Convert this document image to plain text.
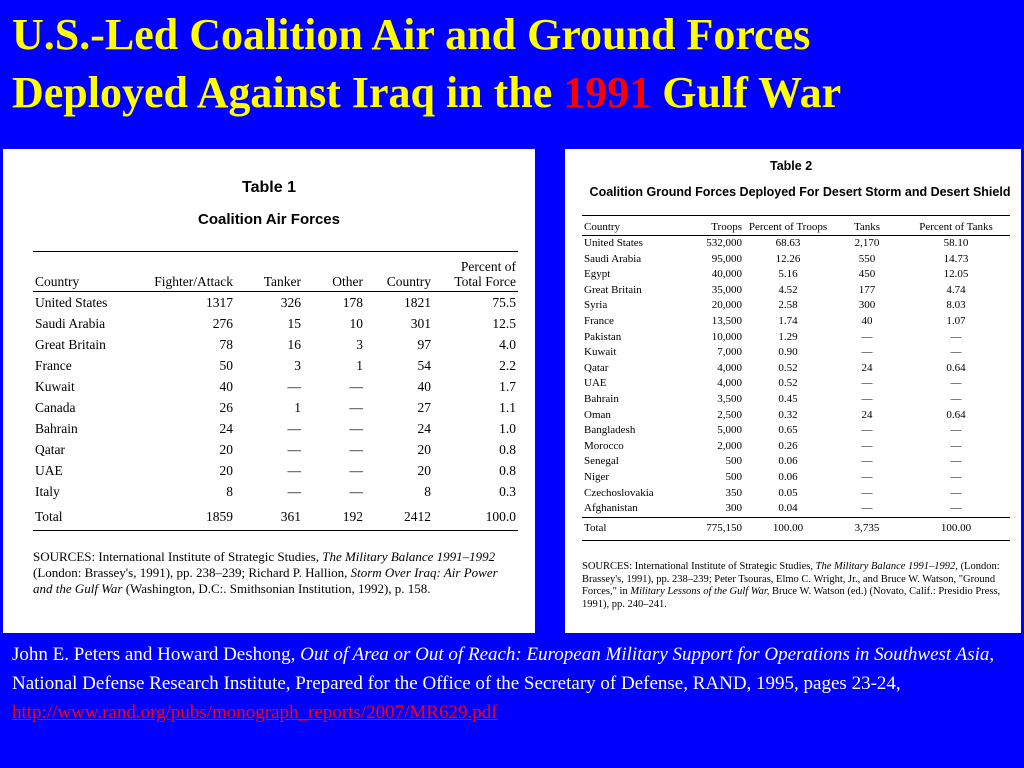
U.S.-Led Coalition Air and Ground Forces
Deployed Against Iraq in the 1991 Gulf War
Table 1
Coalition Air Forces
Country	Fighter/Attack	Tanker	Other	Country	Percent of Total Force
United States	1317	326	178	1821	75.5
Saudi Arabia	276	15	10	301	12.5
Great Britain	78	16	3	97	4.0
France	50	3	1	54	2.2
Kuwait	40	—	—	40	1.7
Canada	26	1	—	27	1.1
Bahrain	24	—	—	24	1.0
Qatar	20	—	—	20	0.8
UAE	20	—	—	20	0.8
Italy	8	—	—	8	0.3
Total	1859	361	192	2412	100.0
SOURCES: International Institute of Strategic Studies, The Military Balance 1991–1992 (London: Brassey's, 1991), pp. 238–239; Richard P. Hallion, Storm Over Iraq: Air Power and the Gulf War (Washington, D.C:. Smithsonian Institution, 1992), p. 158.
Table 2
Coalition Ground Forces Deployed For Desert Storm and Desert Shield
Country	Troops	Percent of Troops	Tanks	Percent of Tanks
United States	532,000	68.63	2,170	58.10
Saudi Arabia	95,000	12.26	550	14.73
Egypt	40,000	5.16	450	12.05
Great Britain	35,000	4.52	177	4.74
Syria	20,000	2.58	300	8.03
France	13,500	1.74	40	1.07
Pakistan	10,000	1.29	—	—
Kuwait	7,000	0.90	—	—
Qatar	4,000	0.52	24	0.64
UAE	4,000	0.52	—	—
Bahrain	3,500	0.45	—	—
Oman	2,500	0.32	24	0.64
Bangladesh	5,000	0.65	—	—
Morocco	2,000	0.26	—	—
Senegal	500	0.06	—	—
Niger	500	0.06	—	—
Czechoslovakia	350	0.05	—	—
Afghanistan	300	0.04	—	—
Total	775,150	100.00	3,735	100.00
SOURCES: International Institute of Strategic Studies, The Military Balance 1991–1992, (London: Brassey's, 1991), pp. 238–239; Peter Tsouras, Elmo C. Wright, Jr., and Bruce W. Watson, "Ground Forces," in Military Lessons of the Gulf War, Bruce W. Watson (ed.) (Novato, Calif.: Presidio Press, 1991), pp. 240–241.
John E. Peters and Howard Deshong, Out of Area or Out of Reach: European Military Support for Operations in Southwest Asia, National Defense Research Institute, Prepared for the Office of the Secretary of Defense, RAND, 1995, pages 23-24,
http://www.rand.org/pubs/monograph_reports/2007/MR629.pdf
